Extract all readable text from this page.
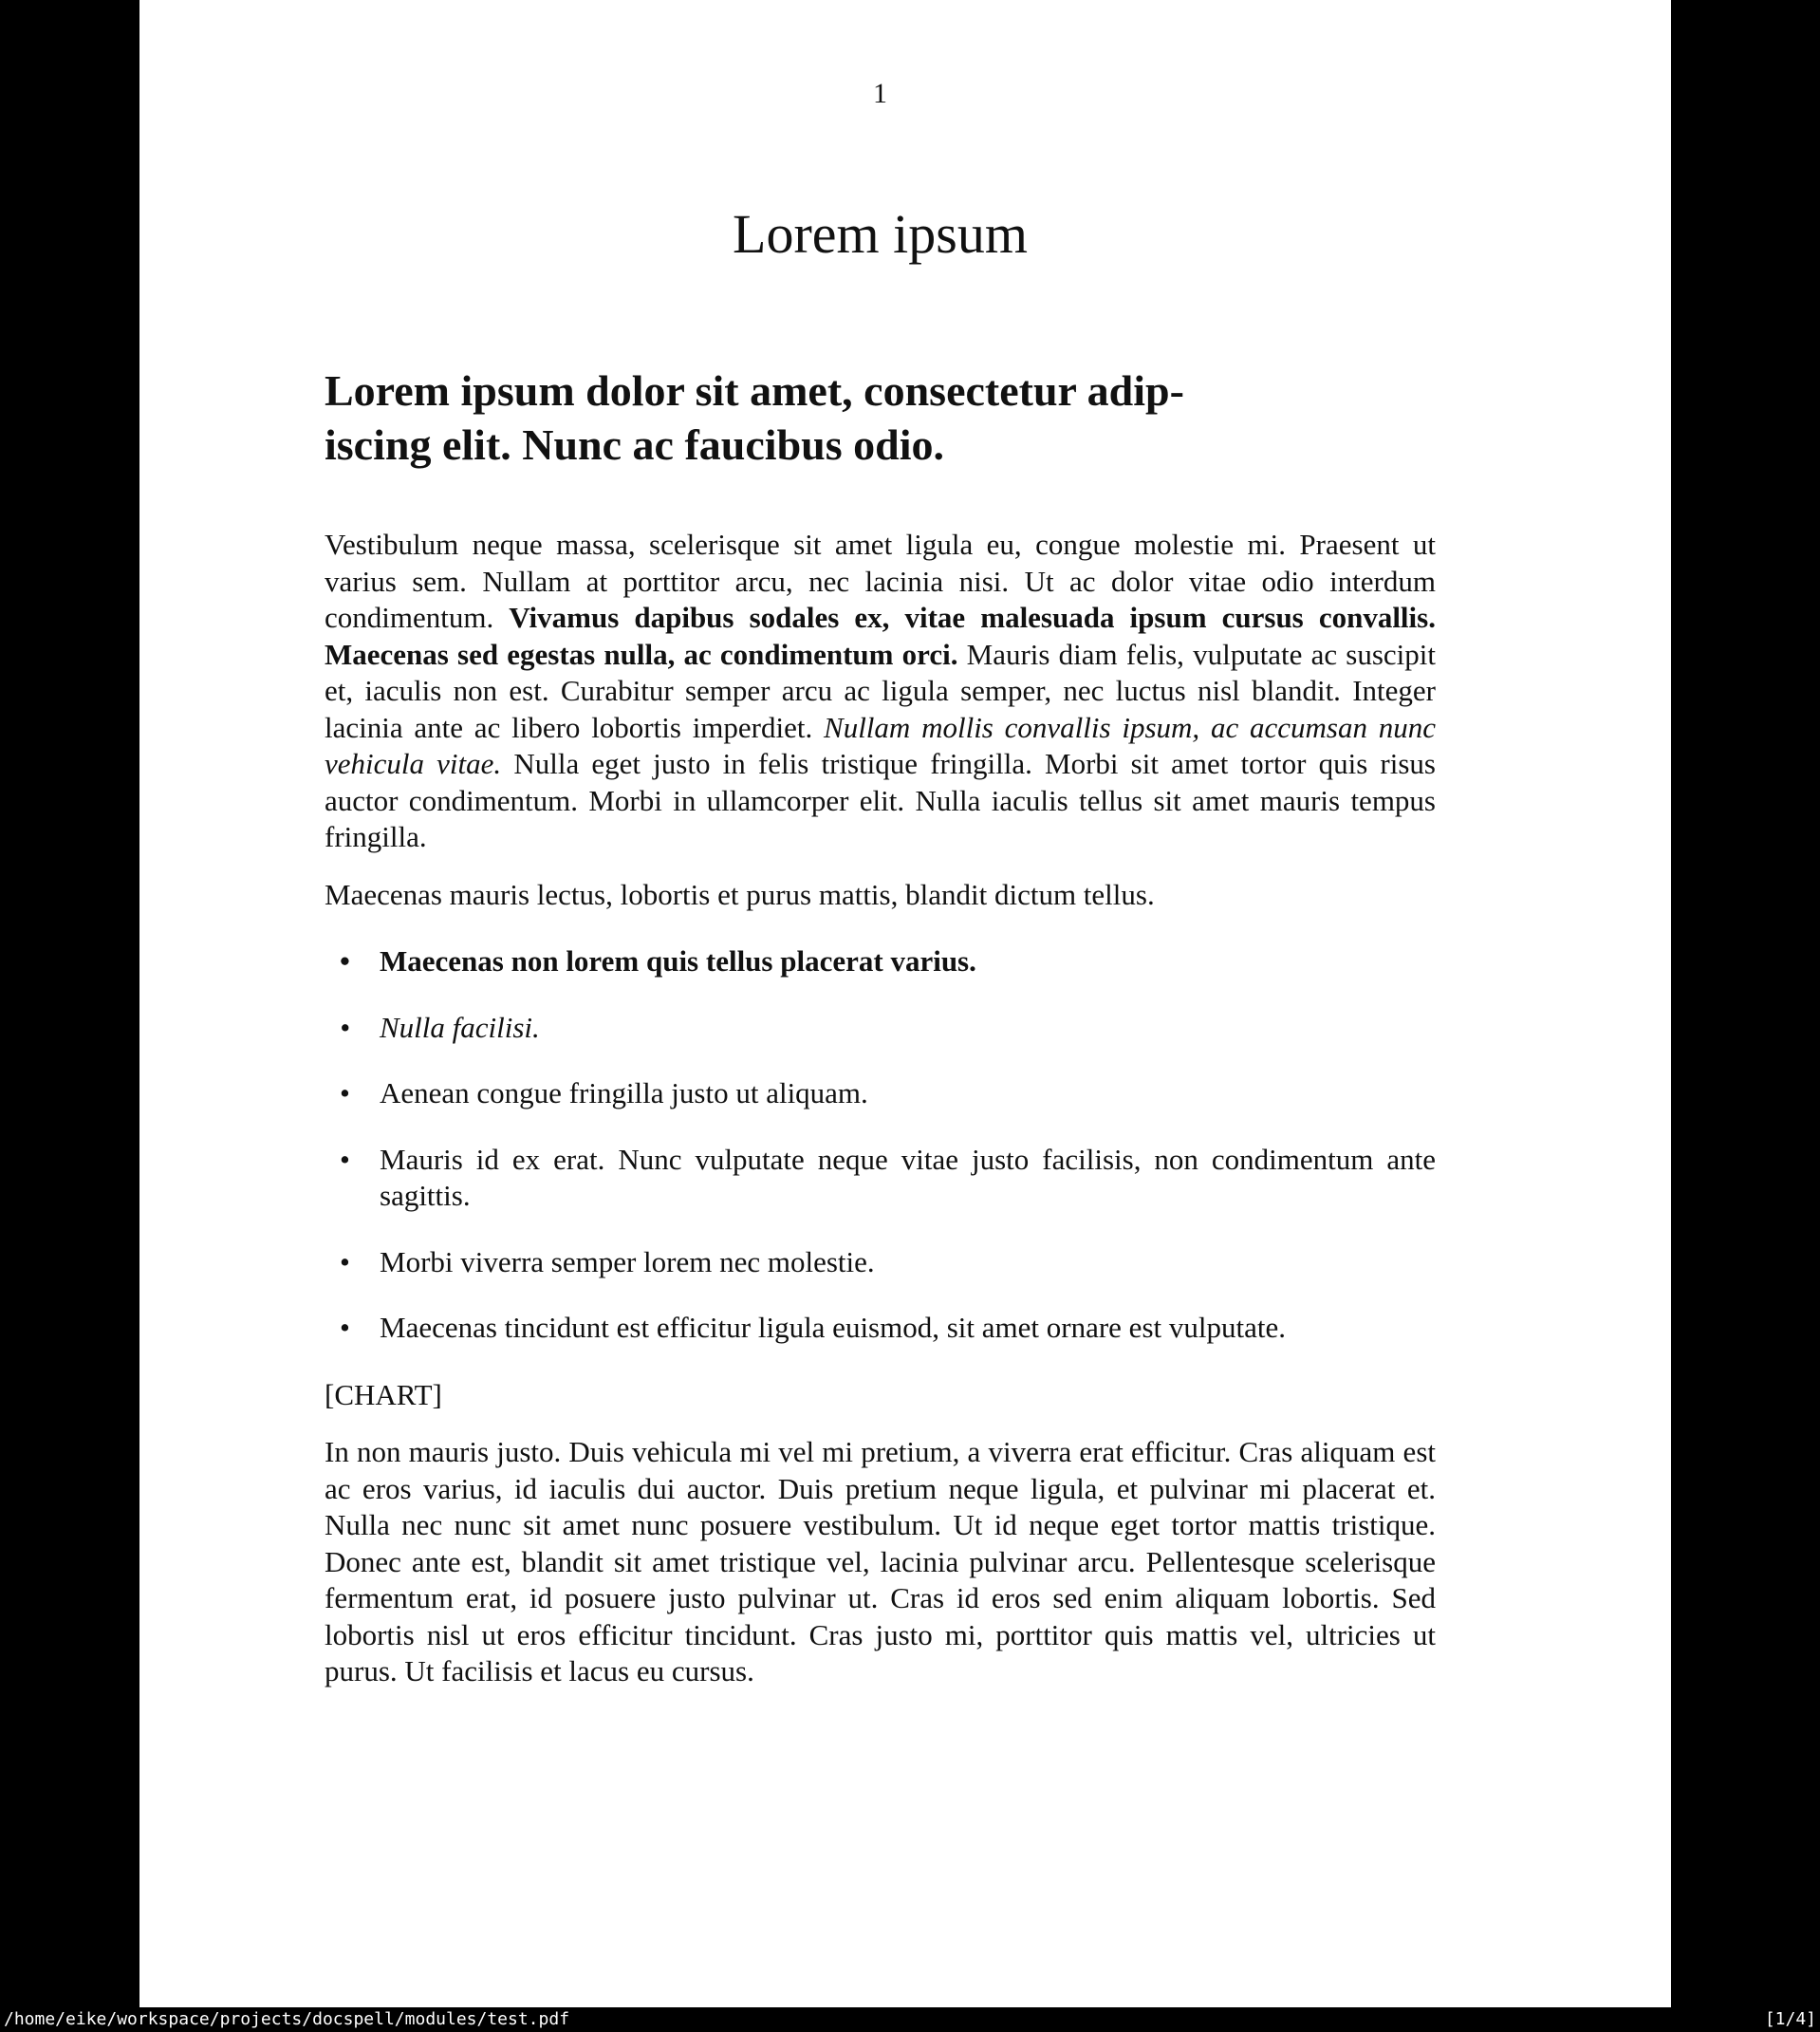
1
Lorem ipsum
Lorem ipsum dolor sit amet, consectetur adip-
iscing elit. Nunc ac faucibus odio.

Vestibulum neque massa, scelerisque sit amet ligula eu, congue molestie mi. Praesent ut varius sem. Nullam at porttitor arcu, nec lacinia nisi. Ut ac dolor vitae odio interdum condimentum. Vivamus dapibus sodales ex, vitae malesuada ipsum cursus convallis. Maecenas sed egestas nulla, ac condimentum orci. Mauris diam felis, vulputate ac suscipit et, iaculis non est. Curabitur semper arcu ac ligula semper, nec luctus nisl blandit. Integer lacinia ante ac libero lobortis imperdiet. Nullam mollis convallis ipsum, ac accumsan nunc vehicula vitae. Nulla eget justo in felis tristique fringilla. Morbi sit amet tortor quis risus auctor condimentum. Morbi in ullamcorper elit. Nulla iaculis tellus sit amet mauris tempus fringilla.

Maecenas mauris lectus, lobortis et purus mattis, blandit dictum tellus.

• Maecenas non lorem quis tellus placerat varius.
• Nulla facilisi.
• Aenean congue fringilla justo ut aliquam.
• Mauris id ex erat. Nunc vulputate neque vitae justo facilisis, non condimentum ante sagittis.
• Morbi viverra semper lorem nec molestie.
• Maecenas tincidunt est efficitur ligula euismod, sit amet ornare est vulputate.

[CHART]

In non mauris justo. Duis vehicula mi vel mi pretium, a viverra erat efficitur. Cras aliquam est ac eros varius, id iaculis dui auctor. Duis pretium neque ligula, et pulvinar mi placerat et. Nulla nec nunc sit amet nunc posuere vestibulum. Ut id neque eget tortor mattis tristique. Donec ante est, blandit sit amet tristique vel, lacinia pulvinar arcu. Pellentesque scelerisque fermentum erat, id posuere justo pulvinar ut. Cras id eros sed enim aliquam lobortis. Sed lobortis nisl ut eros efficitur tincidunt. Cras justo mi, porttitor quis mattis vel, ultricies ut purus. Ut facilisis et lacus eu cursus.

/home/eike/workspace/projects/docspell/modules/test.pdf	[1/4]
